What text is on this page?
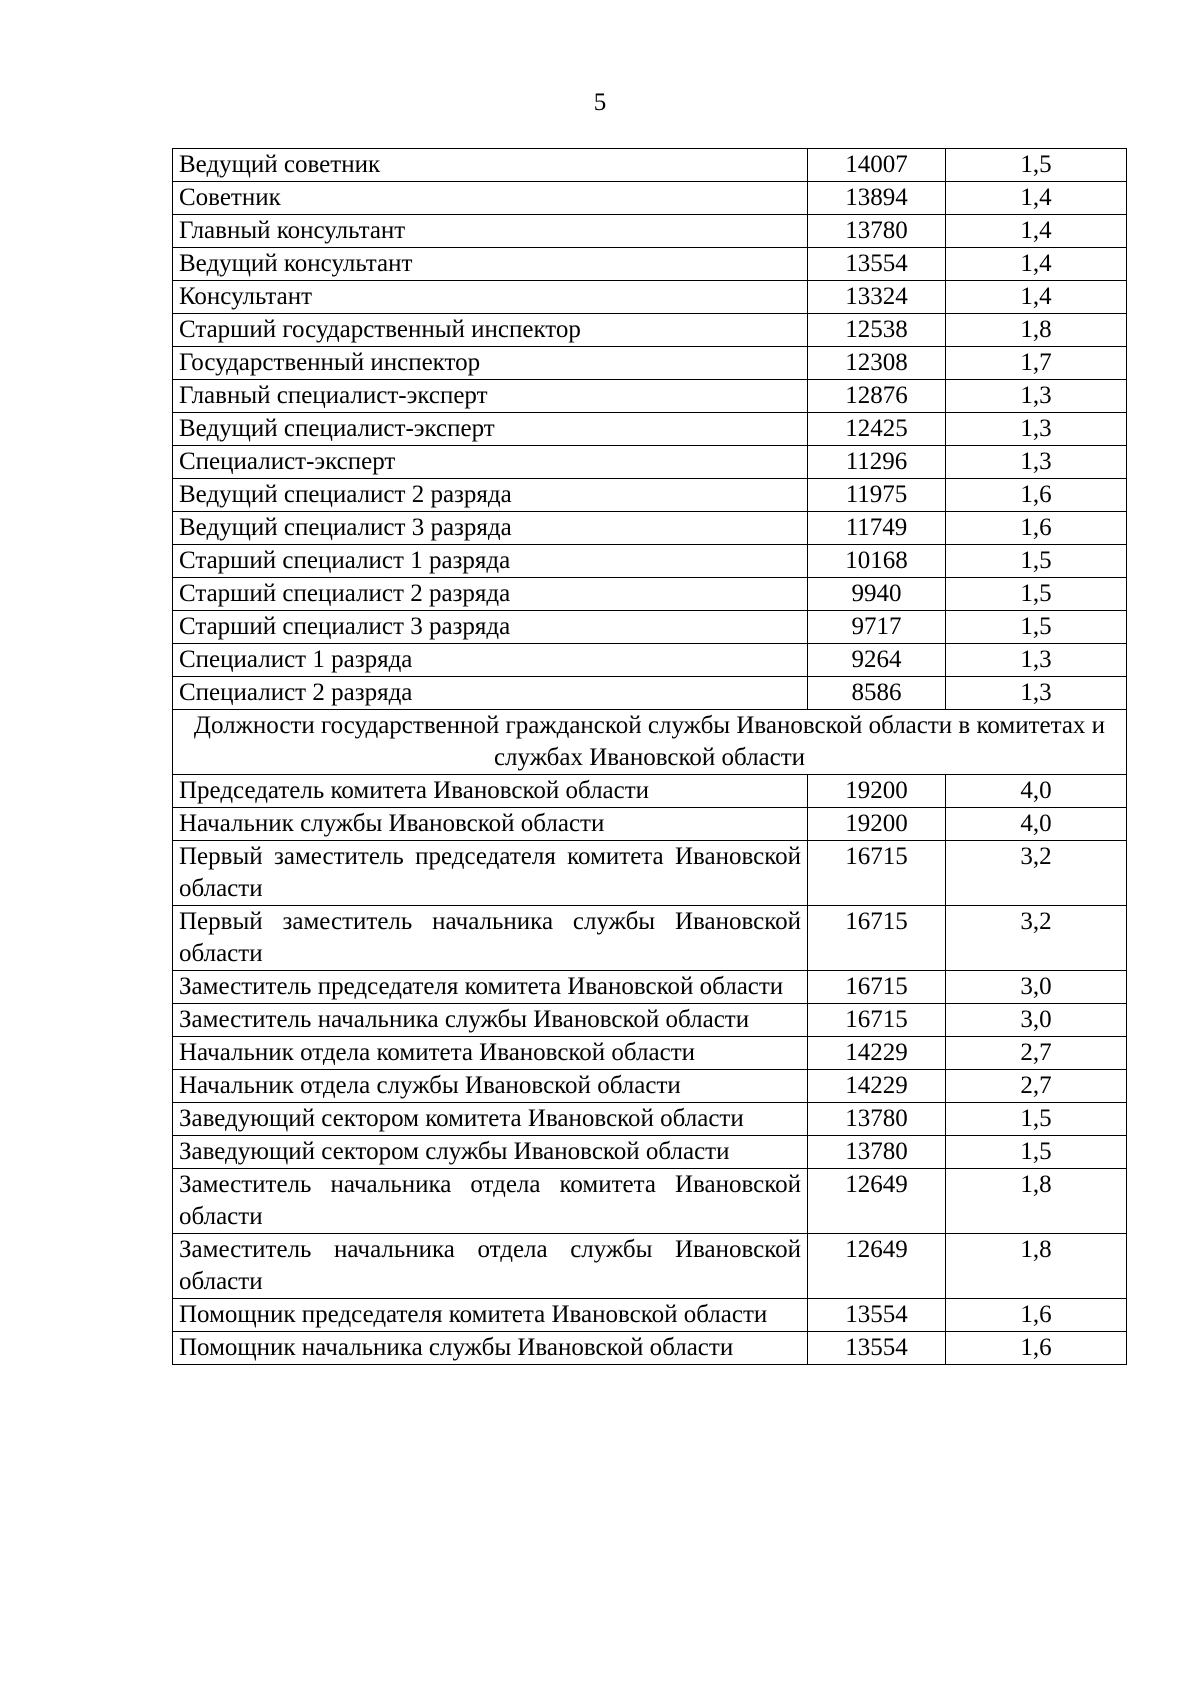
5
Ведущий советник	14007	1,5
Советник	13894	1,4
Главный консультант	13780	1,4
Ведущий консультант	13554	1,4
Консультант	13324	1,4
Старший государственный инспектор	12538	1,8
Государственный инспектор	12308	1,7
Главный специалист-эксперт	12876	1,3
Ведущий специалист-эксперт	12425	1,3
Специалист-эксперт	11296	1,3
Ведущий специалист 2 разряда	11975	1,6
Ведущий специалист 3 разряда	11749	1,6
Старший специалист 1 разряда	10168	1,5
Старший специалист 2 разряда	9940	1,5
Старший специалист 3 разряда	9717	1,5
Специалист 1 разряда	9264	1,3
Специалист 2 разряда	8586	1,3
Должности государственной гражданской службы Ивановской области в комитетах и службах Ивановской области		
Председатель комитета Ивановской области	19200	4,0
Начальник службы Ивановской области	19200	4,0
Первый заместитель председателя комитета Ивановской области	16715	3,2
Первый заместитель начальника службы Ивановской области	16715	3,2
Заместитель председателя комитета Ивановской области	16715	3,0
Заместитель начальника службы Ивановской области	16715	3,0
Начальник отдела комитета Ивановской области	14229	2,7
Начальник отдела службы Ивановской области	14229	2,7
Заведующий сектором комитета Ивановской области	13780	1,5
Заведующий сектором службы Ивановской области	13780	1,5
Заместитель начальника отдела комитета Ивановской области	12649	1,8
Заместитель начальника отдела службы Ивановской области	12649	1,8
Помощник председателя комитета Ивановской области	13554	1,6
Помощник начальника службы Ивановской области	13554	1,6
